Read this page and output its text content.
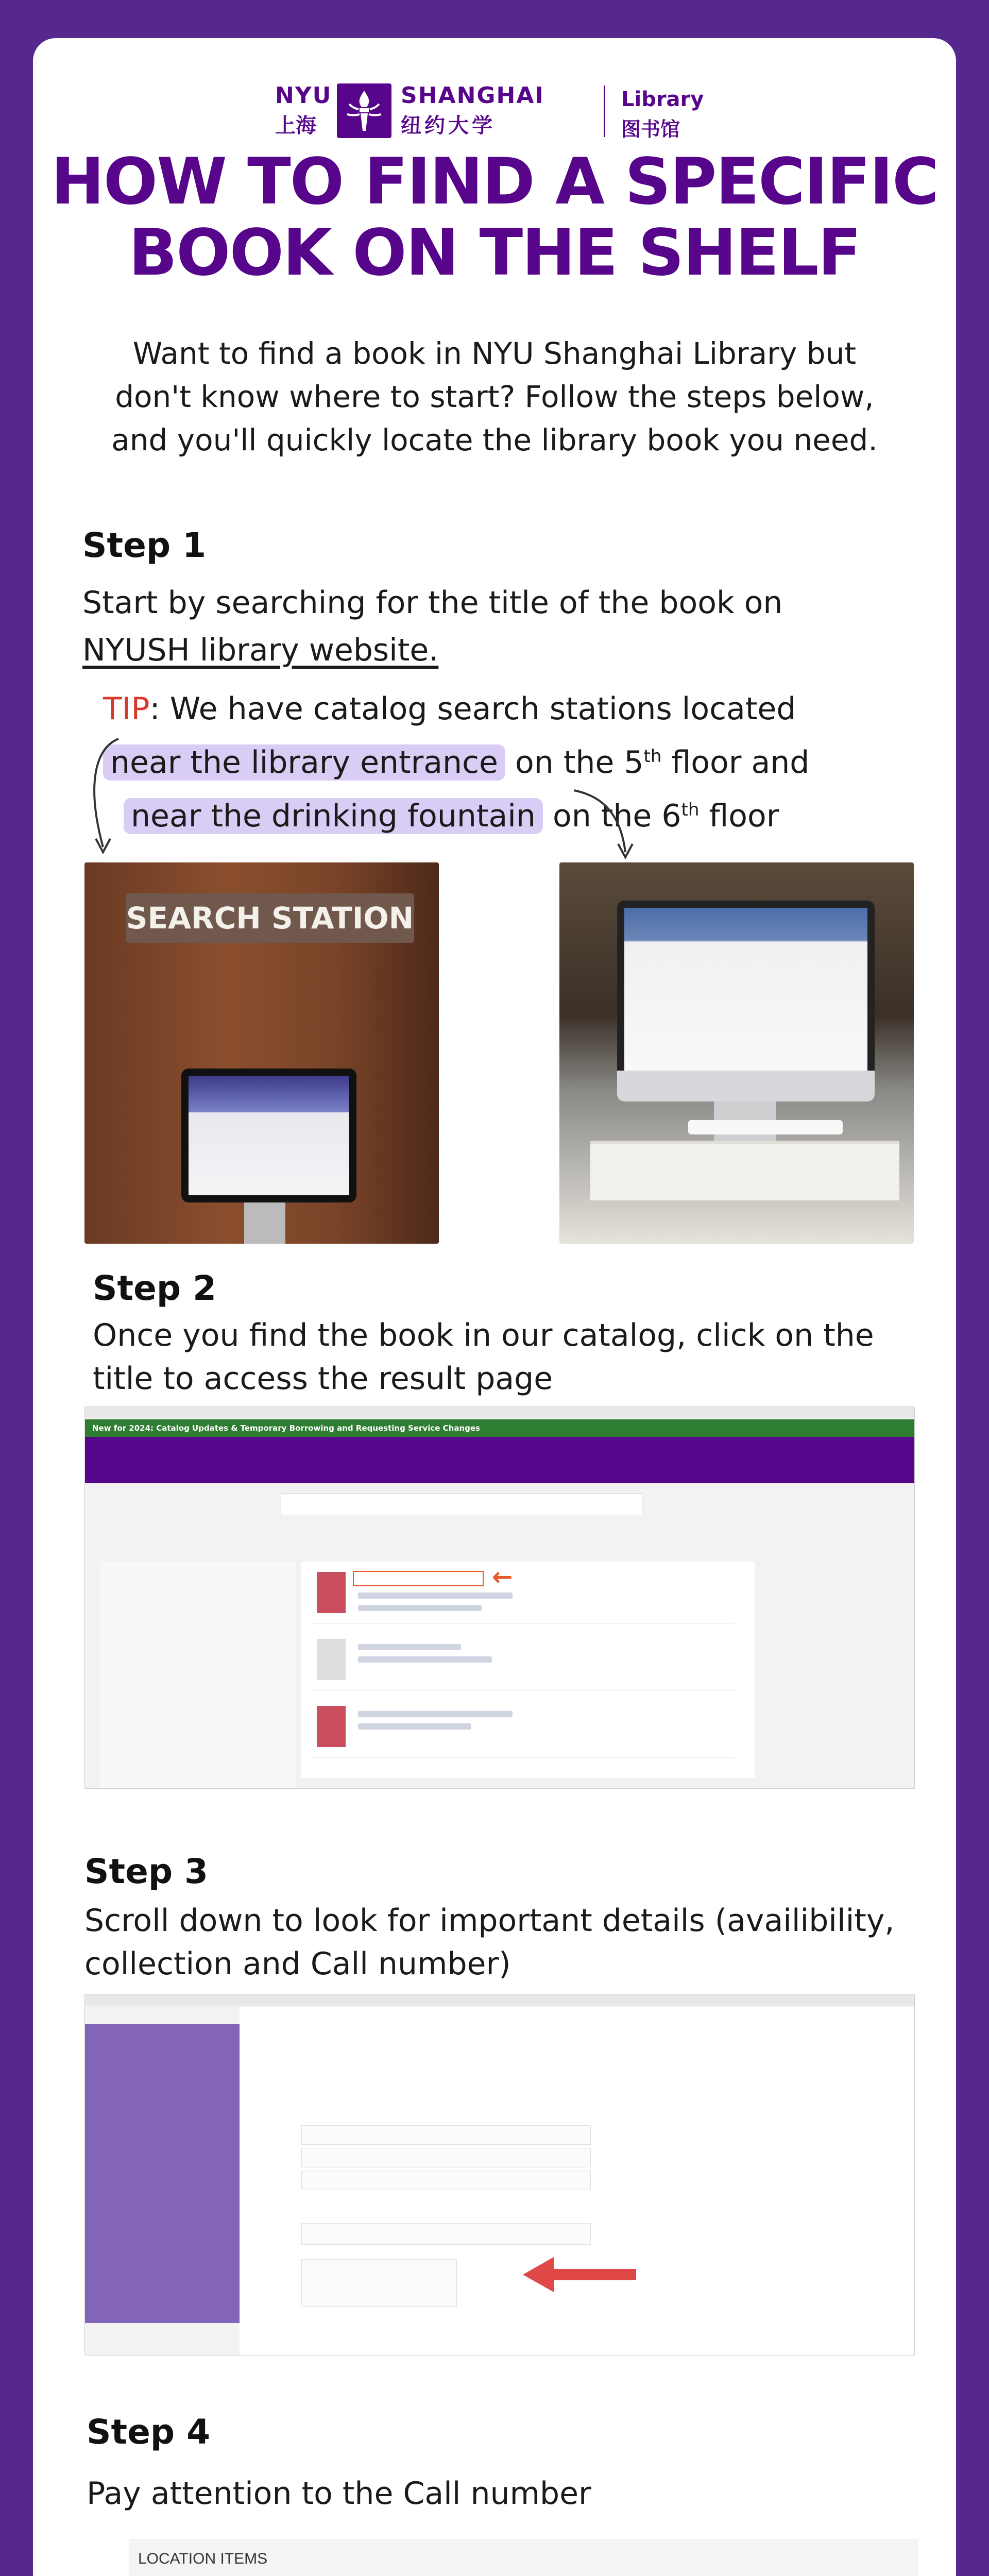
NYU
上海
SHANGHAI
纽约大学
Library
图书馆
HOW TO FIND A SPECIFIC
BOOK ON THE SHELF
Want to find a book in NYU Shanghai Library but don't know where to start? Follow the steps below, and you'll quickly locate the library book you need.
Step 1
Start by searching for the title of the book on
NYUSH library website.
TIP: We have catalog search stations located
near the library entrance on the 5th floor and
near the drinking fountain on the 6th floor
SEARCH STATION
Step 2
Once you find the book in our catalog, click on the title to access the result page
New for 2024: Catalog Updates & Temporary Borrowing and Requesting Service Changes
←
Step 3
Scroll down to look for important details (availibility, collection and Call number)
Step 4
Pay attention to the Call number
LOCATION ITEMS
